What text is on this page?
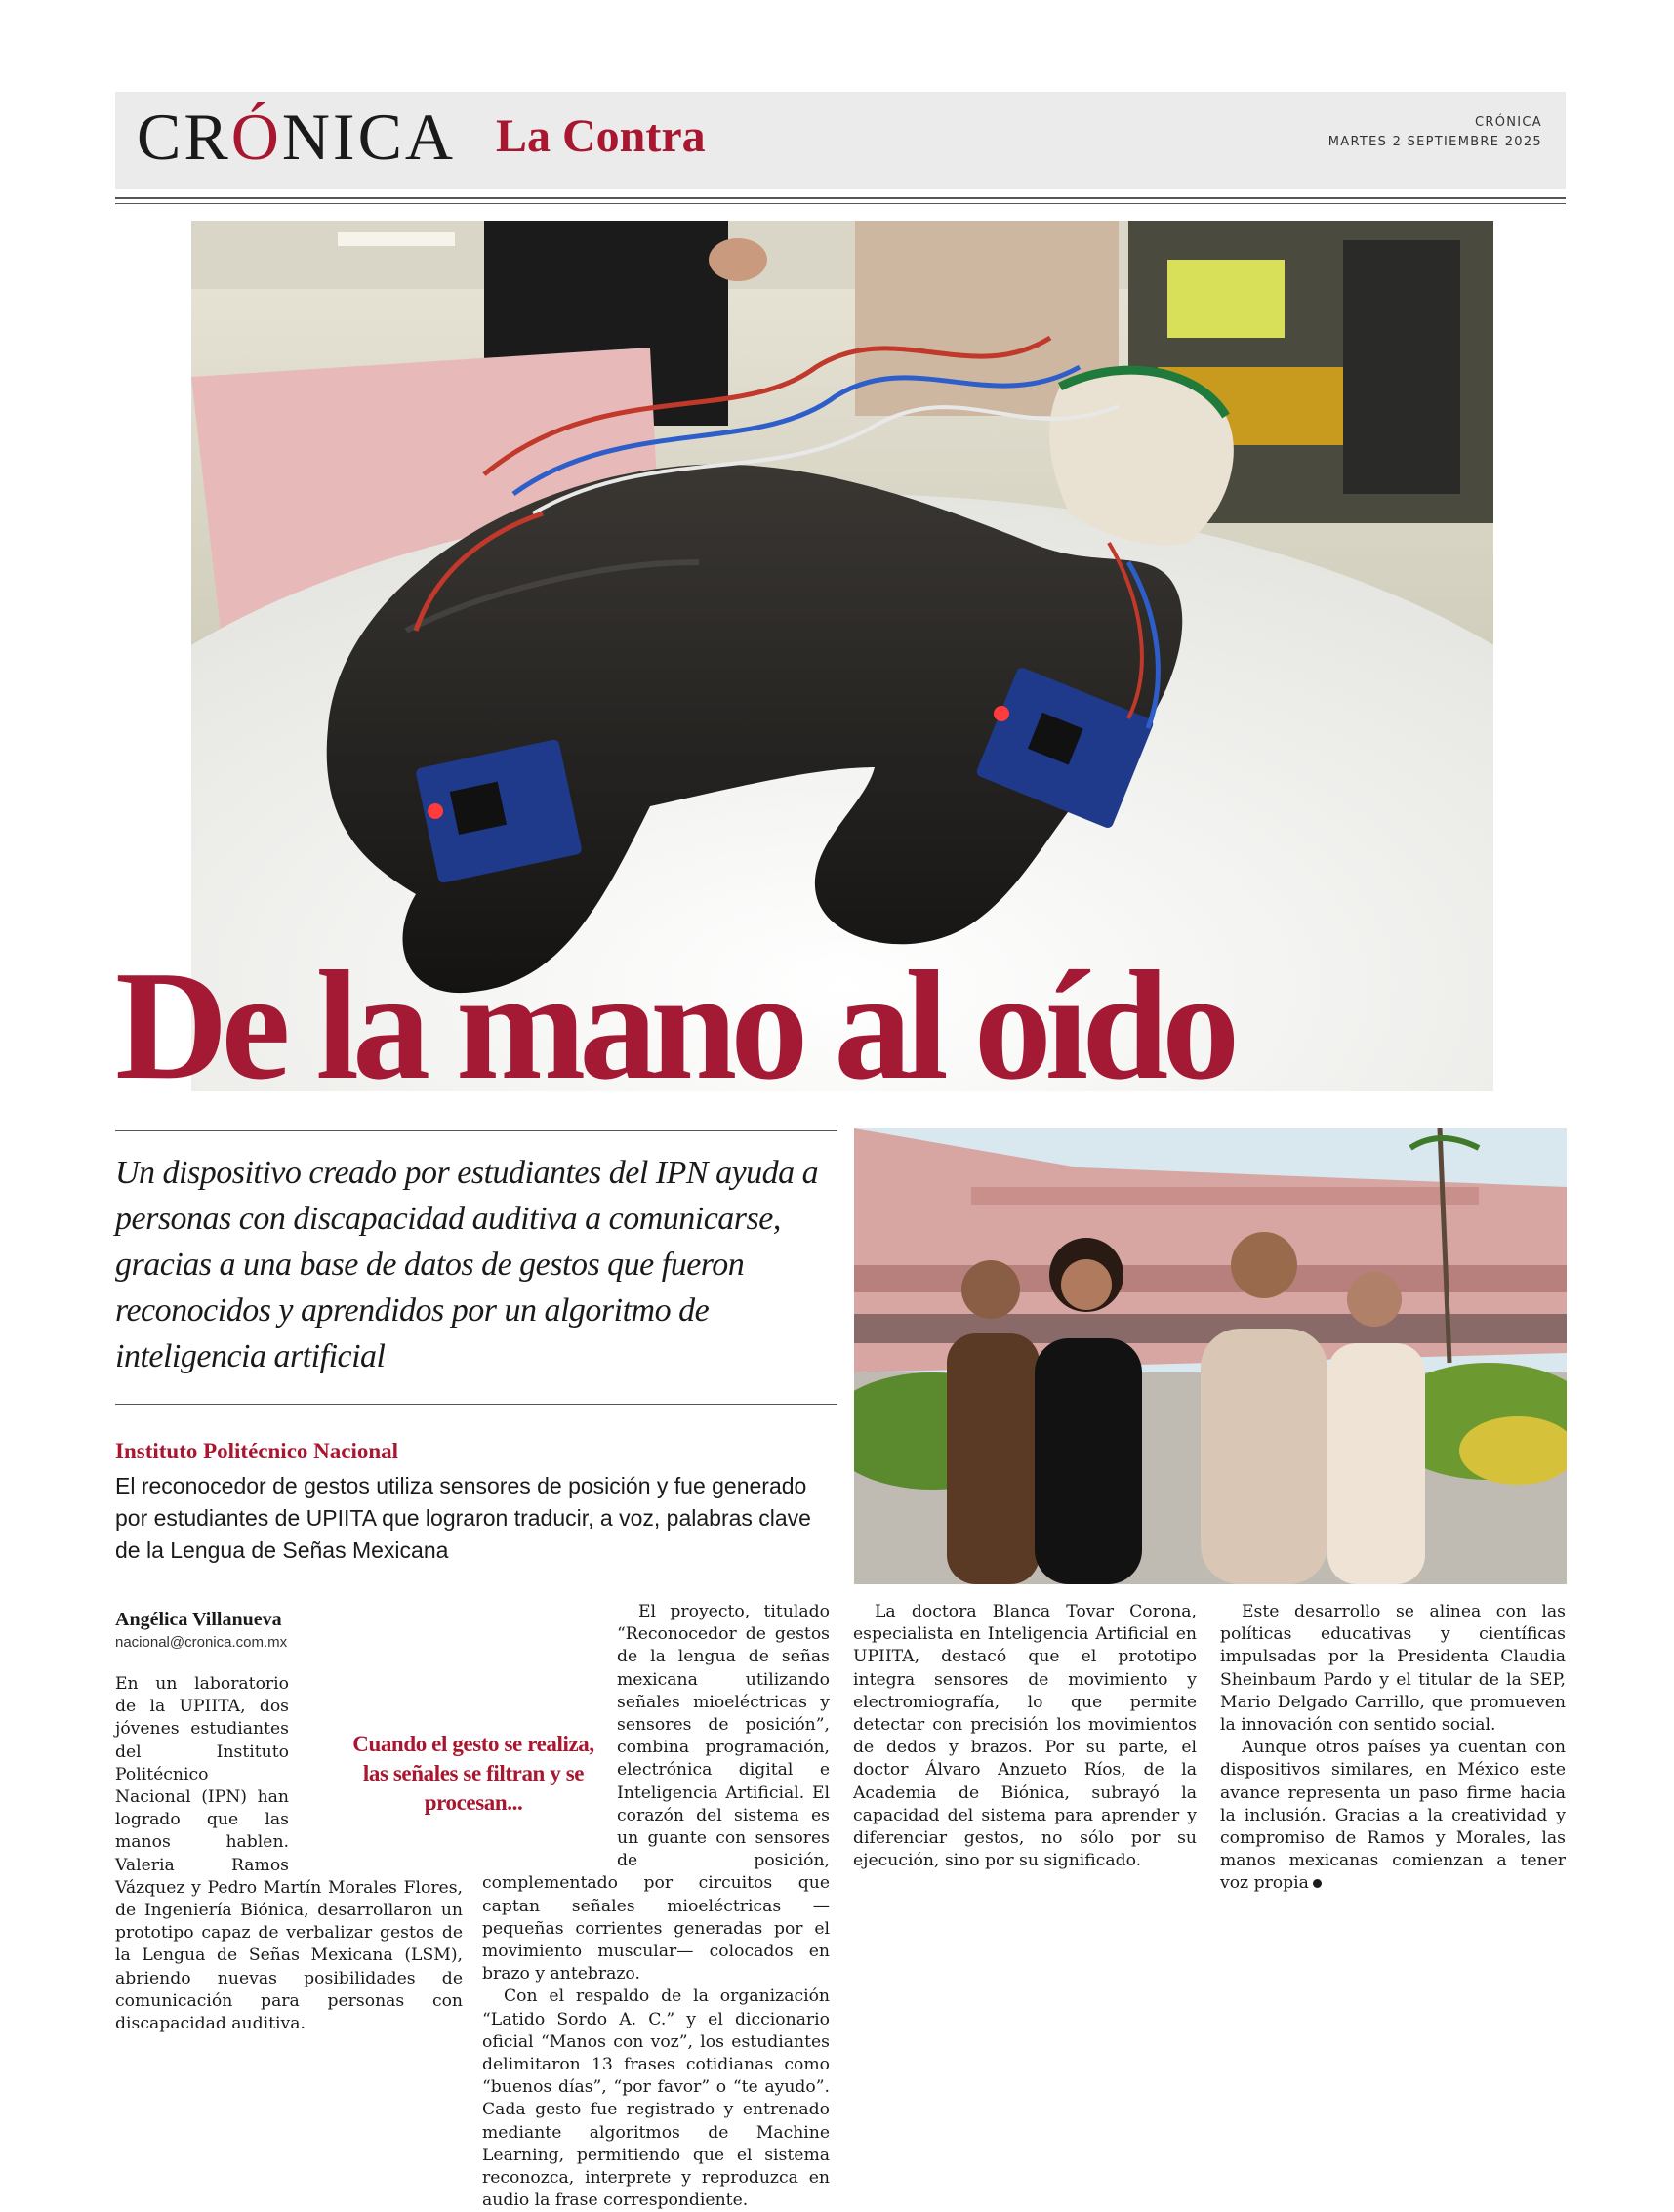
CRÓNICA La Contra	CRÓNICA
MARTES 2 SEPTIEMBRE 2025
De la mano al oído
Un dispositivo creado por estudiantes del IPN ayuda a personas con discapacidad auditiva a comunicarse, gracias a una base de datos de gestos que fueron reconocidos y aprendidos por un algoritmo de inteligencia artificial
Instituto Politécnico Nacional
El reconocedor de gestos utiliza sensores de posición y fue generado por estudiantes de UPIITA que lograron traducir, a voz, palabras clave de la Lengua de Señas Mexicana
Angélica Villanueva
nacional@cronica.com.mx

En un laboratorio de la UPIITA, dos jóvenes estudiantes del Instituto Politécnico Nacional (IPN) han logrado que las manos hablen. Valeria Ramos Vázquez y Pedro Martín Morales Flores, de Ingeniería Biónica, desarrollaron un prototipo capaz de verbalizar gestos de la Lengua de Señas Mexicana (LSM), abriendo nuevas posibilidades de comunicación para personas con discapacidad auditiva.

Cuando el gesto se realiza, las señales se filtran y se procesan...

El proyecto, titulado “Reconocedor de gestos de la lengua de señas mexicana utilizando señales mioeléctricas y sensores de posición”, combina programación, electrónica digital e Inteligencia Artificial. El corazón del sistema es un guante con sensores de posición, complementado por circuitos que captan señales mioeléctricas —pequeñas corrientes generadas por el movimiento muscular— colocados en brazo y antebrazo.

Con el respaldo de la organización “Latido Sordo A. C.” y el diccionario oficial “Manos con voz”, los estudiantes delimitaron 13 frases cotidianas como “buenos días”, “por favor” o “te ayudo”. Cada gesto fue registrado y entrenado mediante algoritmos de Machine Learning, permitiendo que el sistema reconozca, interprete y reproduzca en audio la frase correspondiente.

La doctora Blanca Tovar Corona, especialista en Inteligencia Artificial en UPIITA, destacó que el prototipo integra sensores de movimiento y electromiografía, lo que permite detectar con precisión los movimientos de dedos y brazos. Por su parte, el doctor Álvaro Anzueto Ríos, de la Academia de Biónica, subrayó la capacidad del sistema para aprender y diferenciar gestos, no sólo por su ejecución, sino por su significado.

Este desarrollo se alinea con las políticas educativas y científicas impulsadas por la Presidenta Claudia Sheinbaum Pardo y el titular de la SEP, Mario Delgado Carrillo, que promueven la innovación con sentido social.

Aunque otros países ya cuentan con dispositivos similares, en México este avance representa un paso firme hacia la inclusión. Gracias a la creatividad y compromiso de Ramos y Morales, las manos mexicanas comienzan a tener voz propia
